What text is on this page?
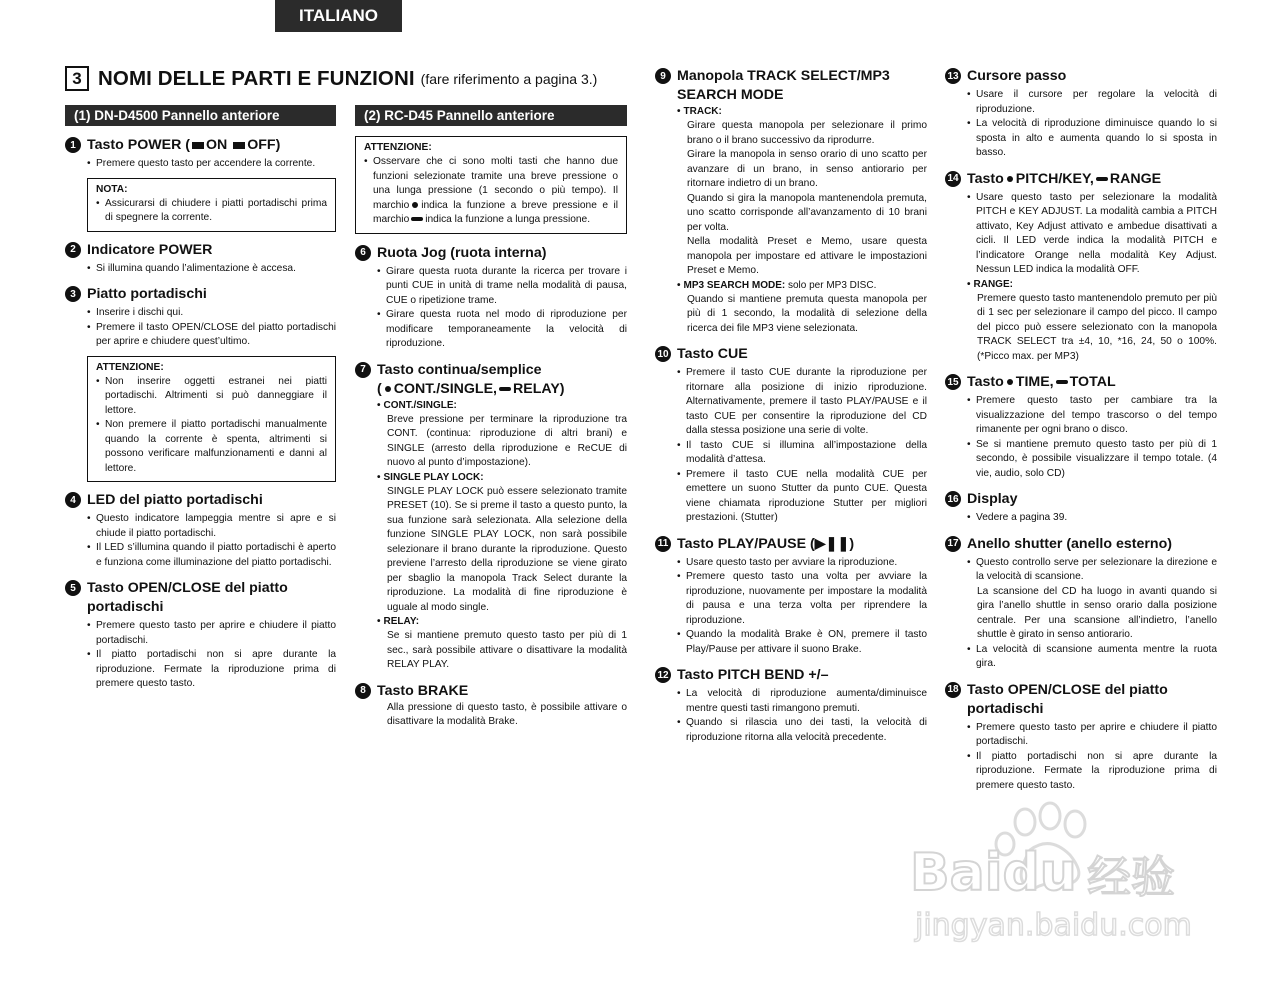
ITALIANO
3 NOMI DELLE PARTI E FUNZIONI (fare riferimento a pagina 3.)
(1) DN-D4500 Pannello anteriore
1 Tasto POWER ( ON OFF)
• Premere questo tasto per accendere la corrente.
NOTA:
• Assicurarsi di chiudere i piatti portadischi prima di spegnere la corrente.
2 Indicatore POWER
• Si illumina quando l’alimentazione è accesa.
3 Piatto portadischi
• Inserire i dischi qui.
• Premere il tasto OPEN/CLOSE del piatto portadischi per aprire e chiudere quest’ultimo.
ATTENZIONE:
• Non inserire oggetti estranei nei piatti portadischi. Altrimenti si può danneggiare il lettore.
• Non premere il piatto portadischi manualmente quando la corrente è spenta, altrimenti si possono verificare malfunzionamenti e danni al lettore.
4 LED del piatto portadischi
• Questo indicatore lampeggia mentre si apre e si chiude il piatto portadischi.
• Il LED s’illumina quando il piatto portadischi è aperto e funziona come illuminazione del piatto portadischi.
5 Tasto OPEN/CLOSE del piatto portadischi
• Premere questo tasto per aprire e chiudere il piatto portadischi.
• Il piatto portadischi non si apre durante la riproduzione. Fermate la riproduzione prima di premere questo tasto.
(2) RC-D45 Pannello anteriore
ATTENZIONE:
• Osservare che ci sono molti tasti che hanno due funzioni selezionate tramite una breve pressione o una lunga pressione (1 secondo o più tempo). Il marchio indica la funzione a breve pressione e il marchio indica la funzione a lunga pressione.
6 Ruota Jog (ruota interna)
• Girare questa ruota durante la ricerca per trovare i punti CUE in unità di trame nella modalità di pausa, CUE o ripetizione trame.
• Girare questa ruota nel modo di riproduzione per modificare temporaneamente la velocità di riproduzione.
7 Tasto continua/semplice
( CONT./SINGLE, RELAY)
• CONT./SINGLE:
Breve pressione per terminare la riproduzione tra CONT. (continua: riproduzione di altri brani) e SINGLE (arresto della riproduzione e ReCUE di nuovo al punto d’impostazione).
• SINGLE PLAY LOCK:
SINGLE PLAY LOCK può essere selezionato tramite PRESET (10). Se si preme il tasto a questo punto, la sua funzione sarà selezionata. Alla selezione della funzione SINGLE PLAY LOCK, non sarà possibile selezionare il brano durante la riproduzione. Questo previene l’arresto della riproduzione se viene girato per sbaglio la manopola Track Select durante la riproduzione. La modalità di fine riproduzione è uguale al modo single.
• RELAY:
Se si mantiene premuto questo tasto per più di 1 sec., sarà possibile attivare o disattivare la modalità RELAY PLAY.
8 Tasto BRAKE
Alla pressione di questo tasto, è possibile attivare o disattivare la modalità Brake.
9 Manopola TRACK SELECT/MP3 SEARCH MODE
• TRACK:
Girare questa manopola per selezionare il primo brano o il brano successivo da riprodurre.
Girare la manopola in senso orario di uno scatto per avanzare di un brano, in senso antiorario per ritornare indietro di un brano.
Quando si gira la manopola mantenendola premuta, uno scatto corrisponde all’avanzamento di 10 brani per volta.
Nella modalità Preset e Memo, usare questa manopola per impostare ed attivare le impostazioni Preset e Memo.
• MP3 SEARCH MODE: solo per MP3 DISC.
Quando si mantiene premuta questa manopola per più di 1 secondo, la modalità di selezione della ricerca dei file MP3 viene selezionata.
10 Tasto CUE
• Premere il tasto CUE durante la riproduzione per ritornare alla posizione di inizio riproduzione. Alternativamente, premere il tasto PLAY/PAUSE e il tasto CUE per consentire la riproduzione del CD dalla stessa posizione una serie di volte.
• Il tasto CUE si illumina all’impostazione della modalità d’attesa.
• Premere il tasto CUE nella modalità CUE per emettere un suono Stutter da punto CUE. Questa viene chiamata riproduzione Stutter per migliori prestazioni. (Stutter)
11 Tasto PLAY/PAUSE (▶❚❚)
• Usare questo tasto per avviare la riproduzione.
• Premere questo tasto una volta per avviare la riproduzione, nuovamente per impostare la modalità di pausa e una terza volta per riprendere la riproduzione.
• Quando la modalità Brake è ON, premere il tasto Play/Pause per attivare il suono Brake.
12 Tasto PITCH BEND +/–
• La velocità di riproduzione aumenta/diminuisce mentre questi tasti rimangono premuti.
• Quando si rilascia uno dei tasti, la velocità di riproduzione ritorna alla velocità precedente.
13 Cursore passo
• Usare il cursore per regolare la velocità di riproduzione.
• La velocità di riproduzione diminuisce quando lo si sposta in alto e aumenta quando lo si sposta in basso.
14 Tasto PITCH/KEY, RANGE
• Usare questo tasto per selezionare la modalità PITCH e KEY ADJUST. La modalità cambia a PITCH attivato, Key Adjust attivato e ambedue disattivati a cicli. Il LED verde indica la modalità PITCH e l’indicatore Orange nella modalità Key Adjust. Nessun LED indica la modalità OFF.
• RANGE:
Premere questo tasto mantenendolo premuto per più di 1 sec per selezionare il campo del picco. Il campo del picco può essere selezionato con la manopola TRACK SELECT tra ±4, 10, *16, 24, 50 o 100%. (*Picco max. per MP3)
15 Tasto TIME, TOTAL
• Premere questo tasto per cambiare tra la visualizzazione del tempo trascorso o del tempo rimanente per ogni brano o disco.
• Se si mantiene premuto questo tasto per più di 1 secondo, è possibile visualizzare il tempo totale. (4 vie, audio, solo CD)
16 Display
• Vedere a pagina 39.
17 Anello shutter (anello esterno)
• Questo controllo serve per selezionare la direzione e la velocità di scansione.
La scansione del CD ha luogo in avanti quando si gira l’anello shuttle in senso orario dalla posizione centrale. Per una scansione all’indietro, l’anello shuttle è girato in senso antiorario.
• La velocità di scansione aumenta mentre la ruota gira.
18 Tasto OPEN/CLOSE del piatto portadischi
• Premere questo tasto per aprire e chiudere il piatto portadischi.
• Il piatto portadischi non si apre durante la riproduzione. Fermate la riproduzione prima di premere questo tasto.
Baidu 经验
jingyan.baidu.com
